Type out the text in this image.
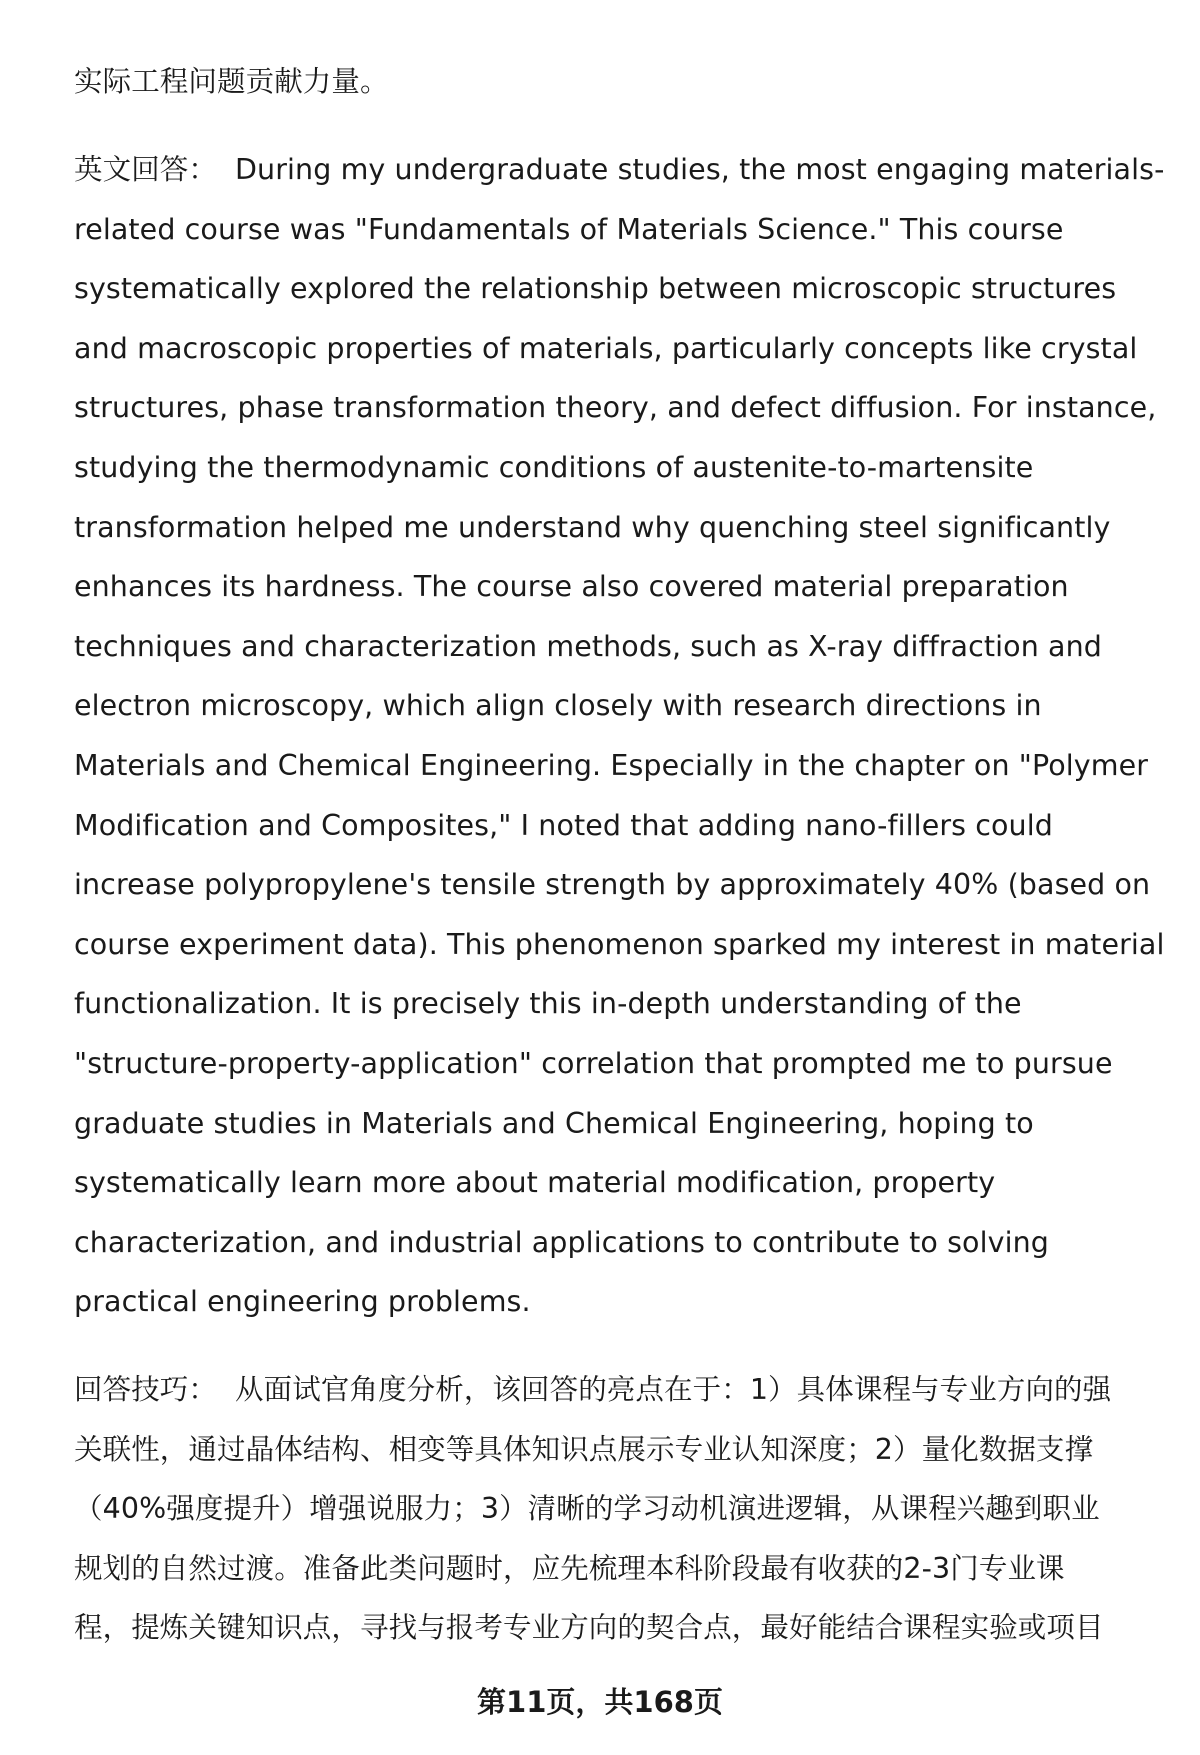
实际工程问题贡献力量。
英文回答： During my undergraduate studies, the most engaging materials-
related course was "Fundamentals of Materials Science." This course
systematically explored the relationship between microscopic structures
and macroscopic properties of materials, particularly concepts like crystal
structures, phase transformation theory, and defect diffusion. For instance,
studying the thermodynamic conditions of austenite-to-martensite
transformation helped me understand why quenching steel significantly
enhances its hardness. The course also covered material preparation
techniques and characterization methods, such as X-ray diffraction and
electron microscopy, which align closely with research directions in
Materials and Chemical Engineering. Especially in the chapter on "Polymer
Modification and Composites," I noted that adding nano-fillers could
increase polypropylene's tensile strength by approximately 40% (based on
course experiment data). This phenomenon sparked my interest in material
functionalization. It is precisely this in-depth understanding of the
"structure-property-application" correlation that prompted me to pursue
graduate studies in Materials and Chemical Engineering, hoping to
systematically learn more about material modification, property
characterization, and industrial applications to contribute to solving
practical engineering problems.
回答技巧： 从面试官角度分析，该回答的亮点在于：1）具体课程与专业方向的强
关联性，通过晶体结构、相变等具体知识点展示专业认知深度；2）量化数据支撑
（40%强度提升）增强说服力；3）清晰的学习动机演进逻辑，从课程兴趣到职业
规划的自然过渡。准备此类问题时，应先梳理本科阶段最有收获的2-3门专业课
程，提炼关键知识点，寻找与报考专业方向的契合点，最好能结合课程实验或项目
第11页，共168页
